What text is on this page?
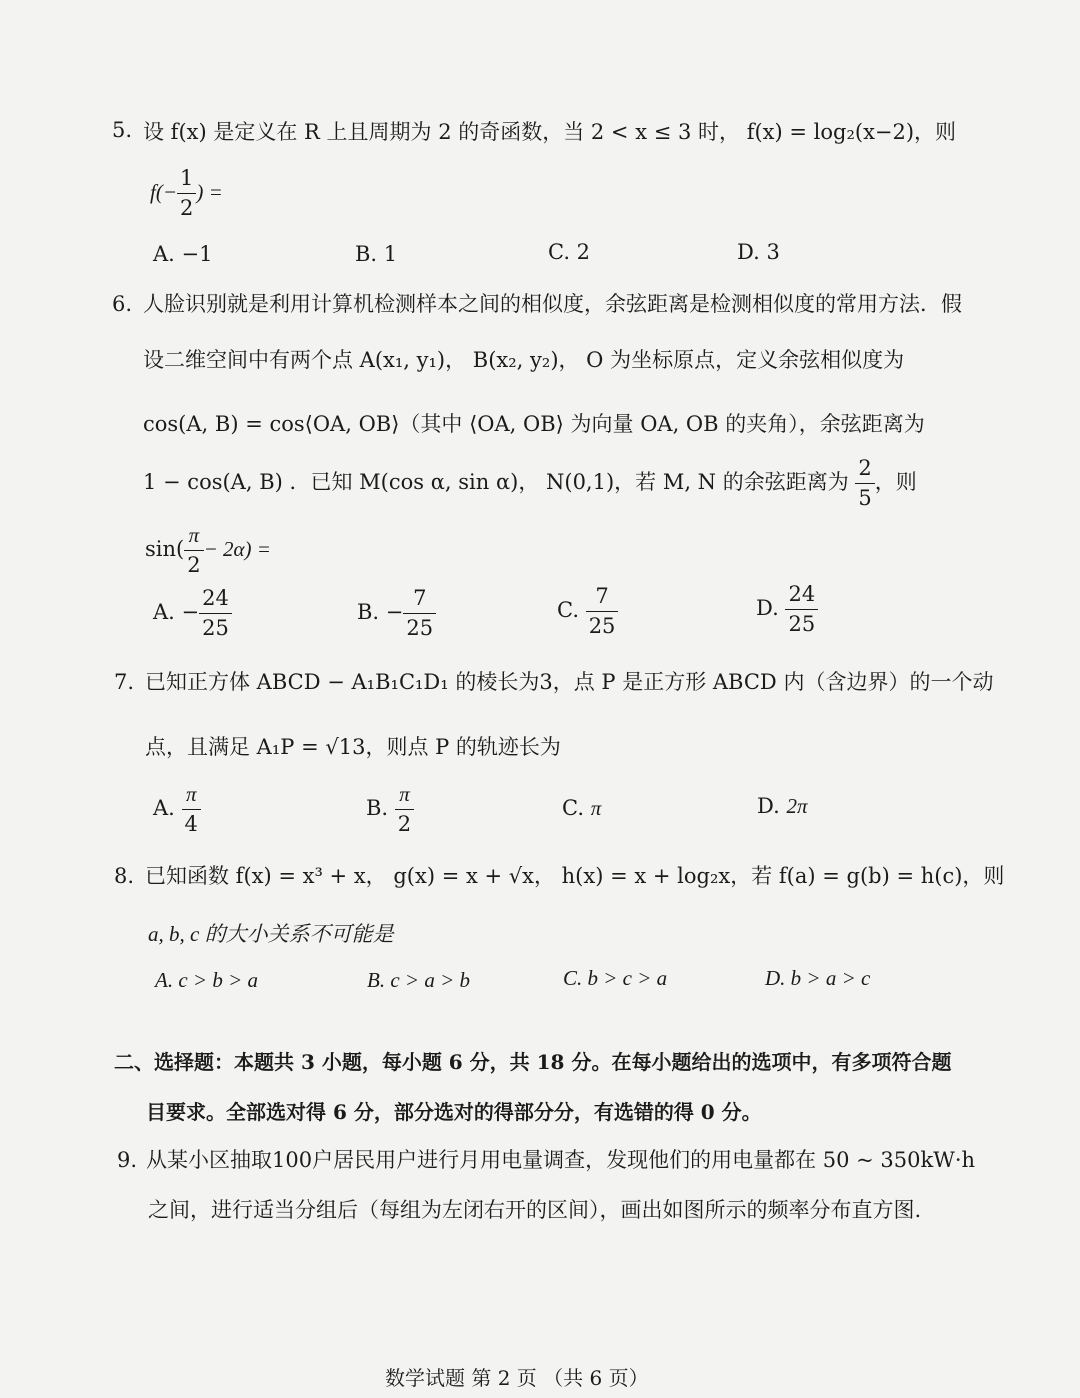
5. 设 f(x) 是定义在 R 上且周期为 2 的奇函数，当 2 < x ≤ 3 时， f(x) = log₂(x−2)，则
$f(- \frac{1}{2}$ ) =
A. −1	B. 1	C. 2	D. 3
6. 人脸识别就是利用计算机检测样本之间的相似度，余弦距离是检测相似度的常用方法．假
设二维空间中有两个点 A(x₁, y₁)， B(x₂, y₂)， O 为坐标原点，定义余弦相似度为
cos(A, B) = cos⟨OA, OB⟩（其中 ⟨OA, OB⟩ 为向量 OA, OB 的夹角），余弦距离为
1 − cos(A, B) ．已知 M(cos α, sin α)， N(0,1)，若 M, N 的余弦距离为 $\frac{2}{5}$ ，则
$\sin( \frac{\pi}{2} - 2\alpha)$ =
A. − $\frac{24}{25}$	B. − $\frac{7}{25}$	C. $\frac{7}{25}$	D. $\frac{24}{25}$
7. 已知正方体 ABCD − A₁B₁C₁D₁ 的棱长为3，点 P 是正方形 ABCD 内（含边界）的一个动
点，且满足 A₁P = √13，则点 P 的轨迹长为
A. $\frac{\pi}{4}$	B. $\frac{\pi}{2}$	C. π	D. 2π
8. 已知函数 f(x) = x³ + x， g(x) = x + √x， h(x) = x + log₂x，若 f(a) = g(b) = h(c)，则
a, b, c 的大小关系不可能是
A. c > b > a	B. c > a > b	C. b > c > a	D. b > a > c
二、选择题：本题共 3 小题，每小题 6 分，共 18 分。在每小题给出的选项中，有多项符合题
目要求。全部选对得 6 分，部分选对的得部分分，有选错的得 0 分。
9. 从某小区抽取100户居民用户进行月用电量调查，发现他们的用电量都在 50 ~ 350kW·h
之间，进行适当分组后（每组为左闭右开的区间），画出如图所示的频率分布直方图.
数学试题 第 2 页 （共 6 页）
